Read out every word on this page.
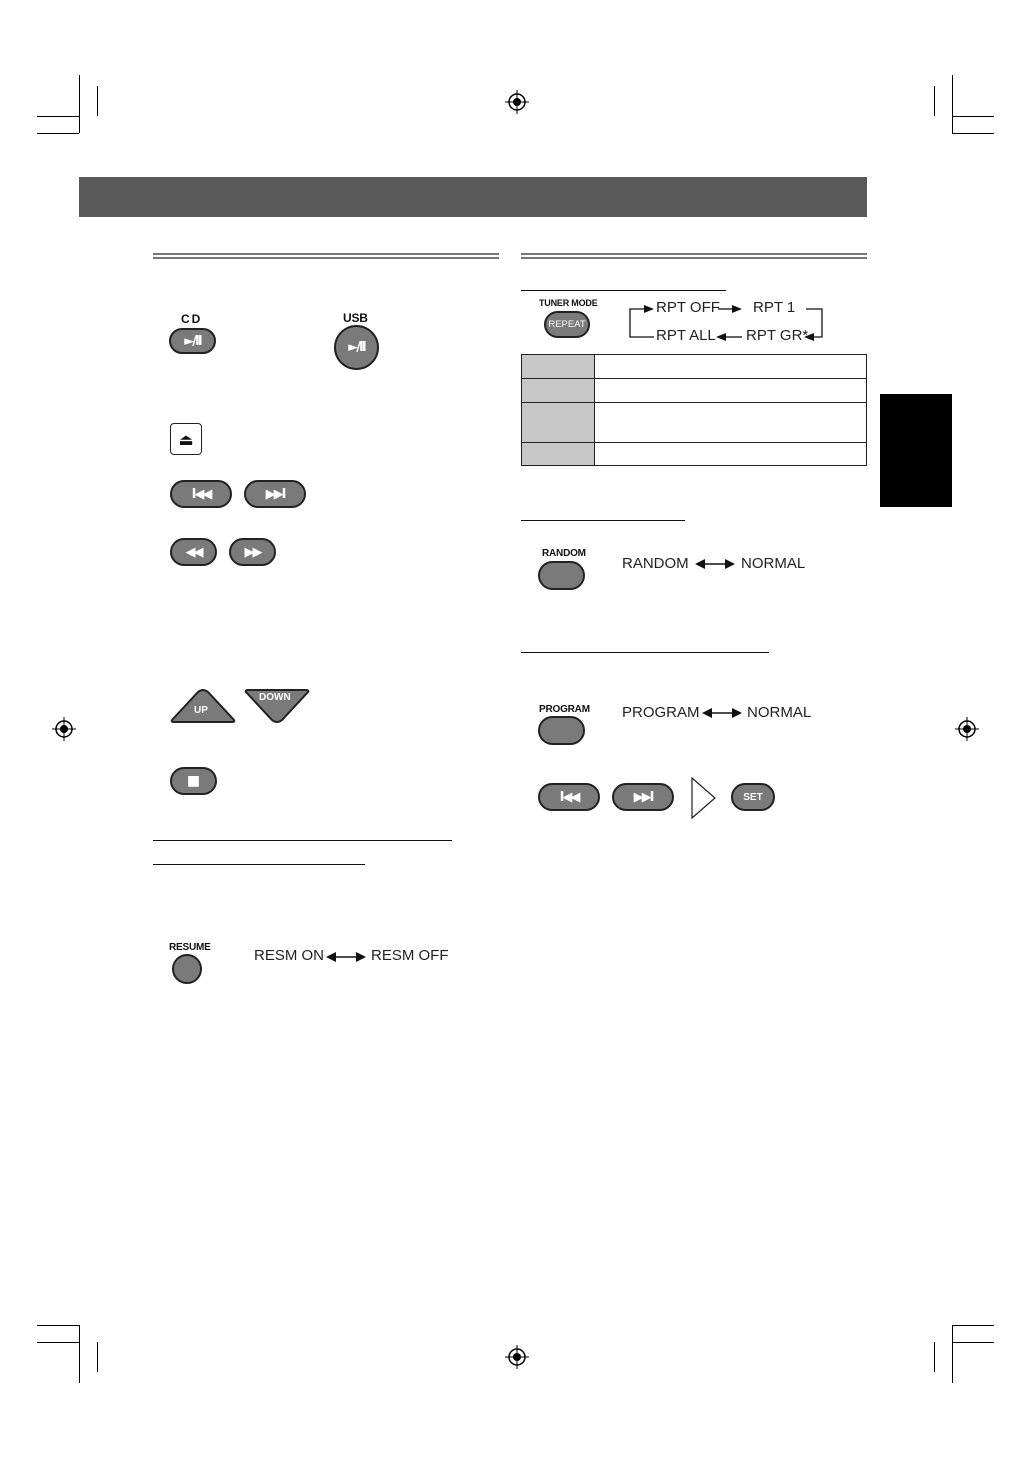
CD
►/II
USB
►/II
⏏
I◀◀	▶▶I
◀◀	▶▶
UP
DOWN
■
RESUME	RESM ON	RESM OFF
TUNER MODE
REPEAT
RPT OFF RPT 1
RPT ALL RPT GR*

RANDOM
RANDOM	NORMAL
PROGRAM PROGRAM	NORMAL
I◀◀	▶▶I	SET
